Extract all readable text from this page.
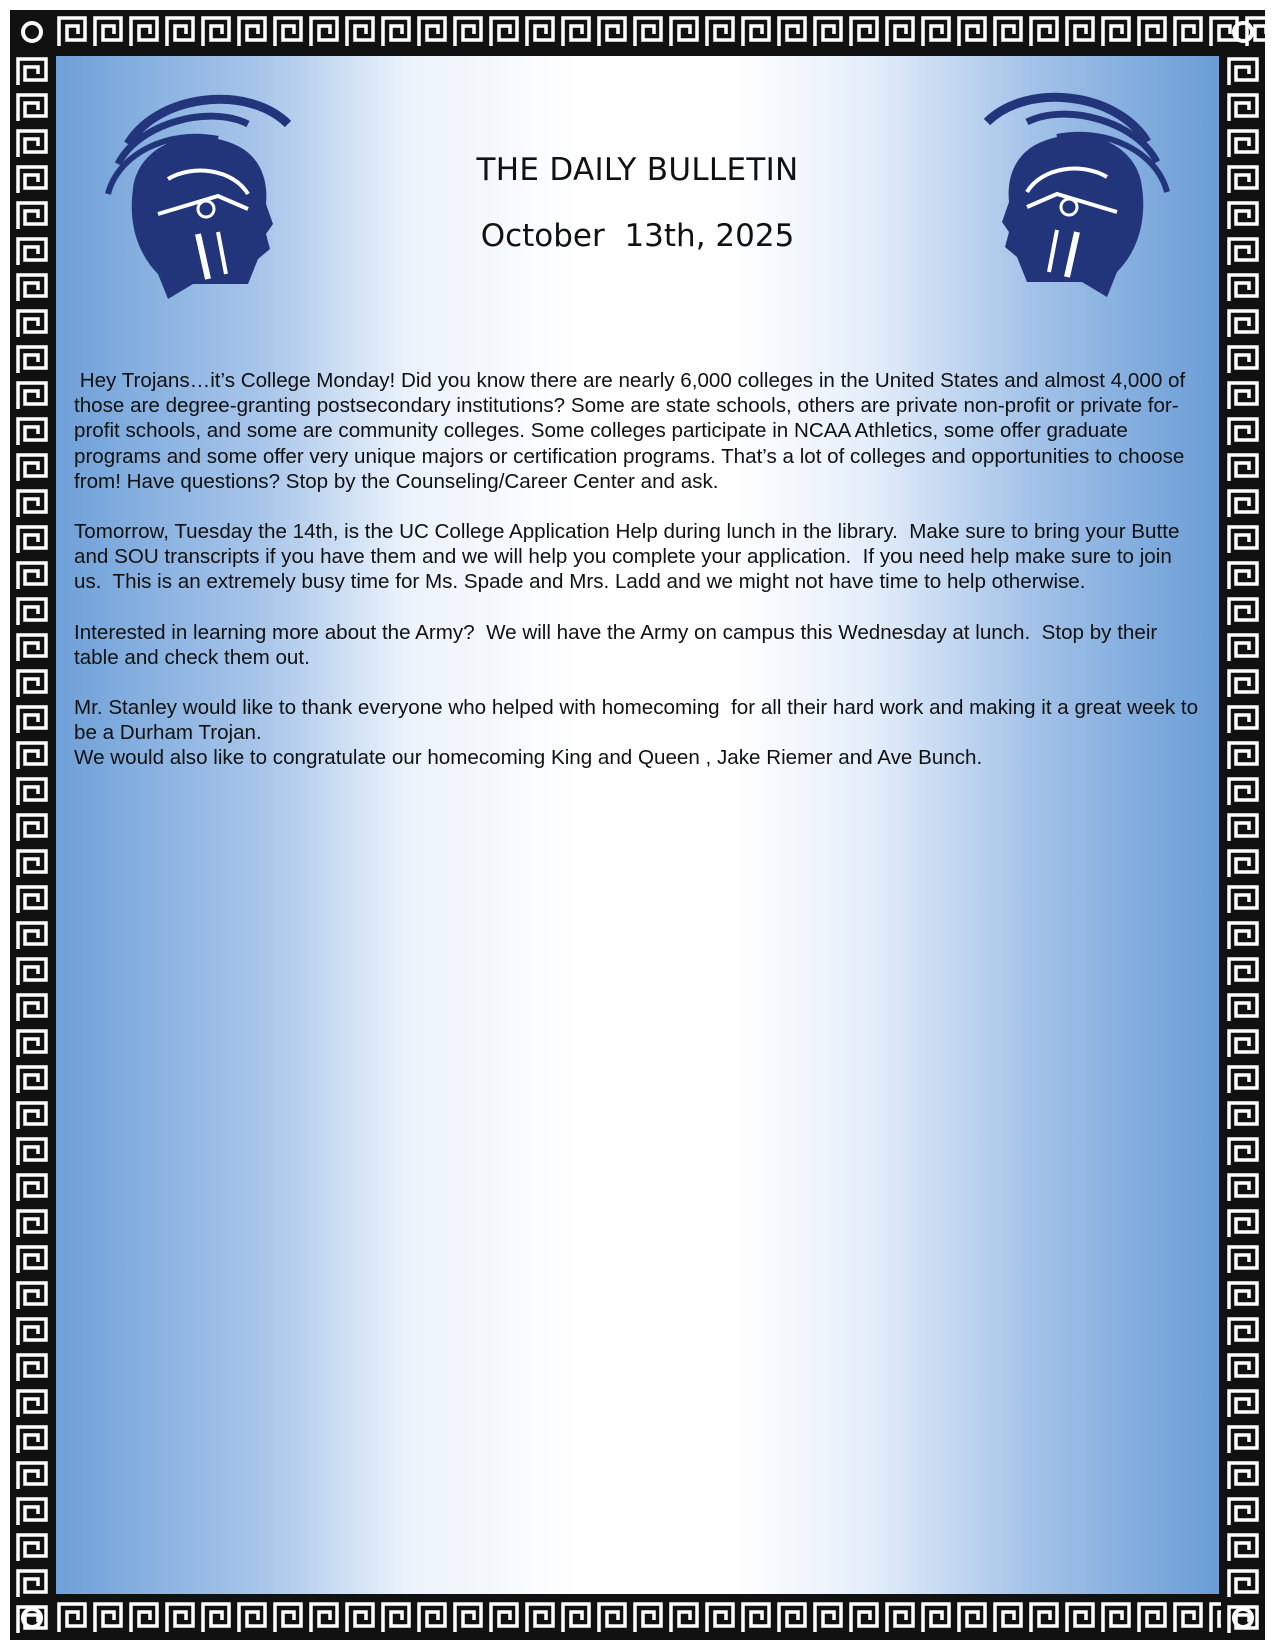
THE DAILY BULLETIN
October  13th, 2025

Hey Trojans…it’s College Monday! Did you know there are nearly 6,000 colleges in the United States and almost 4,000 of those are degree-granting postsecondary institutions? Some are state schools, others are private non-profit or private for-profit schools, and some are community colleges. Some colleges participate in NCAA Athletics, some offer graduate programs and some offer very unique majors or certification programs. That’s a lot of colleges and opportunities to choose from! Have questions? Stop by the Counseling/Career Center and ask.

Tomorrow, Tuesday the 14th, is the UC College Application Help during lunch in the library.  Make sure to bring your Butte and SOU transcripts if you have them and we will help you complete your application.  If you need help make sure to join us.  This is an extremely busy time for Ms. Spade and Mrs. Ladd and we might not have time to help otherwise.

Interested in learning more about the Army?  We will have the Army on campus this Wednesday at lunch.  Stop by their table and check them out.

Mr. Stanley would like to thank everyone who helped with homecoming  for all their hard work and making it a great week to be a Durham Trojan.

We would also like to congratulate our homecoming King and Queen , Jake Riemer and Ave Bunch.
